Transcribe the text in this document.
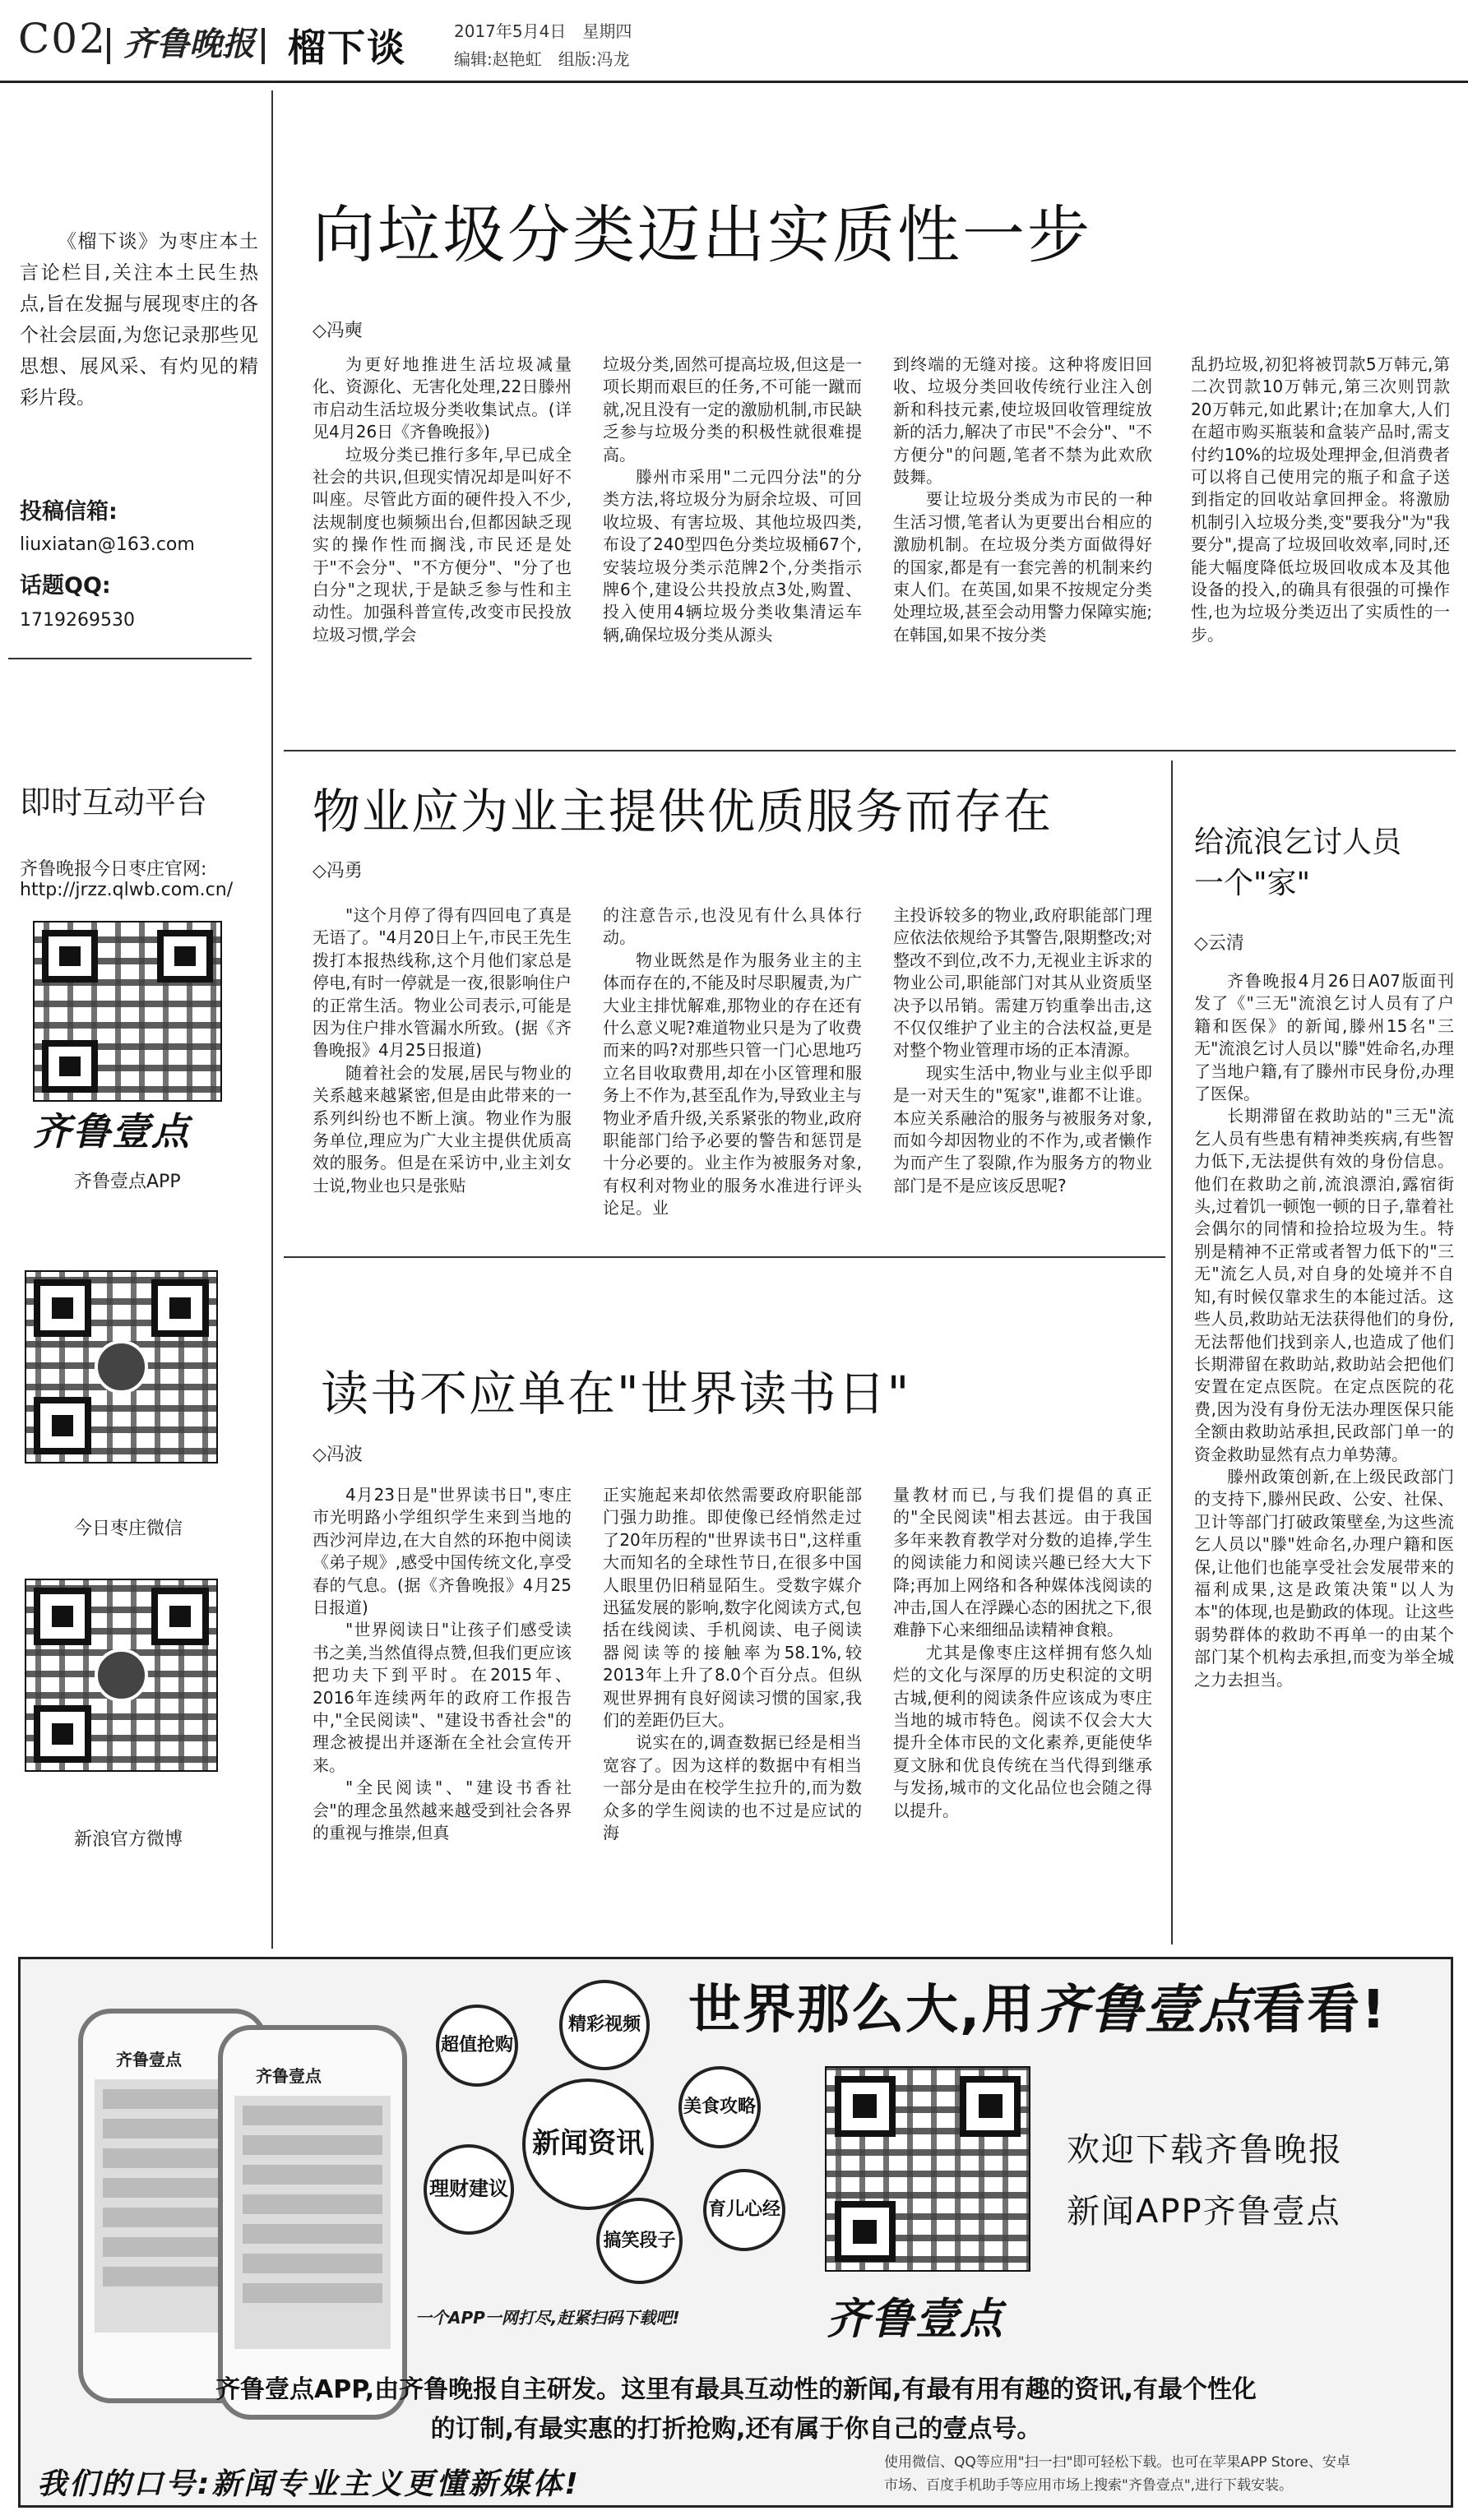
C02 齐鲁晚报 榴下谈	2017年5月4日　星期四
编辑:赵艳虹　组版:冯龙
《榴下谈》为枣庄本土言论栏目,关注本土民生热点,旨在发掘与展现枣庄的各个社会层面,为您记录那些见思想、展风采、有灼见的精彩片段。
投稿信箱:
liuxiatan@163.com
话题QQ:
1719269530
即时互动平台
齐鲁晚报今日枣庄官网:
http://jrzz.qlwb.com.cn/
齐鲁壹点
齐鲁壹点APP
今日枣庄微信
新浪官方微博
向垃圾分类迈出实质性一步
◇冯奭

为更好地推进生活垃圾减量化、资源化、无害化处理,22日滕州市启动生活垃圾分类收集试点。(详见4月26日《齐鲁晚报》)

垃圾分类已推行多年,早已成全社会的共识,但现实情况却是叫好不叫座。尽管此方面的硬件投入不少,法规制度也频频出台,但都因缺乏现实的操作性而搁浅,市民还是处于"不会分"、"不方便分"、"分了也白分"之现状,于是缺乏参与性和主动性。加强科普宣传,改变市民投放垃圾习惯,学会

垃圾分类,固然可提高垃圾,但这是一项长期而艰巨的任务,不可能一蹴而就,况且没有一定的激励机制,市民缺乏参与垃圾分类的积极性就很难提高。

滕州市采用"二元四分法"的分类方法,将垃圾分为厨余垃圾、可回收垃圾、有害垃圾、其他垃圾四类,布设了240型四色分类垃圾桶67个,安装垃圾分类示范牌2个,分类指示牌6个,建设公共投放点3处,购置、投入使用4辆垃圾分类收集清运车辆,确保垃圾分类从源头

到终端的无缝对接。这种将废旧回收、垃圾分类回收传统行业注入创新和科技元素,使垃圾回收管理绽放新的活力,解决了市民"不会分"、"不方便分"的问题,笔者不禁为此欢欣鼓舞。

要让垃圾分类成为市民的一种生活习惯,笔者认为更要出台相应的激励机制。在垃圾分类方面做得好的国家,都是有一套完善的机制来约束人们。在英国,如果不按规定分类处理垃圾,甚至会动用警力保障实施;在韩国,如果不按分类

乱扔垃圾,初犯将被罚款5万韩元,第二次罚款10万韩元,第三次则罚款20万韩元,如此累计;在加拿大,人们在超市购买瓶装和盒装产品时,需支付约10%的垃圾处理押金,但消费者可以将自己使用完的瓶子和盒子送到指定的回收站拿回押金。将激励机制引入垃圾分类,变"要我分"为"我要分",提高了垃圾回收效率,同时,还能大幅度降低垃圾回收成本及其他设备的投入,的确具有很强的可操作性,也为垃圾分类迈出了实质性的一步。

物业应为业主提供优质服务而存在
◇冯勇

"这个月停了得有四回电了真是无语了。"4月20日上午,市民王先生拨打本报热线称,这个月他们家总是停电,有时一停就是一夜,很影响住户的正常生活。物业公司表示,可能是因为住户排水管漏水所致。(据《齐鲁晚报》4月25日报道)

随着社会的发展,居民与物业的关系越来越紧密,但是由此带来的一系列纠纷也不断上演。物业作为服务单位,理应为广大业主提供优质高效的服务。但是在采访中,业主刘女士说,物业也只是张贴

的注意告示,也没见有什么具体行动。

物业既然是作为服务业主的主体而存在的,不能及时尽职履责,为广大业主排忧解难,那物业的存在还有什么意义呢?难道物业只是为了收费而来的吗?对那些只管一门心思地巧立名目收取费用,却在小区管理和服务上不作为,甚至乱作为,导致业主与物业矛盾升级,关系紧张的物业,政府职能部门给予必要的警告和惩罚是十分必要的。业主作为被服务对象,有权利对物业的服务水准进行评头论足。业

主投诉较多的物业,政府职能部门理应依法依规给予其警告,限期整改;对整改不到位,改不力,无视业主诉求的物业公司,职能部门对其从业资质坚决予以吊销。需建万钧重拳出击,这不仅仅维护了业主的合法权益,更是对整个物业管理市场的正本清源。

现实生活中,物业与业主似乎即是一对天生的"冤家",谁都不让谁。本应关系融洽的服务与被服务对象,而如今却因物业的不作为,或者懒作为而产生了裂隙,作为服务方的物业部门是不是应该反思呢?

读书不应单在"世界读书日"
◇冯波

4月23日是"世界读书日",枣庄市光明路小学组织学生来到当地的西沙河岸边,在大自然的环抱中阅读《弟子规》,感受中国传统文化,享受春的气息。(据《齐鲁晚报》4月25日报道)

"世界阅读日"让孩子们感受读书之美,当然值得点赞,但我们更应该把功夫下到平时。在2015年、2016年连续两年的政府工作报告中,"全民阅读"、"建设书香社会"的理念被提出并逐渐在全社会宣传开来。

"全民阅读"、"建设书香社会"的理念虽然越来越受到社会各界的重视与推崇,但真

正实施起来却依然需要政府职能部门强力助推。即使像已经悄然走过了20年历程的"世界读书日",这样重大而知名的全球性节日,在很多中国人眼里仍旧稍显陌生。受数字媒介迅猛发展的影响,数字化阅读方式,包括在线阅读、手机阅读、电子阅读器阅读等的接触率为58.1%,较2013年上升了8.0个百分点。但纵观世界拥有良好阅读习惯的国家,我们的差距仍巨大。

说实在的,调查数据已经是相当宽容了。因为这样的数据中有相当一部分是由在校学生拉升的,而为数众多的学生阅读的也不过是应试的海

量教材而已,与我们提倡的真正的"全民阅读"相去甚远。由于我国多年来教育教学对分数的追捧,学生的阅读能力和阅读兴趣已经大大下降;再加上网络和各种媒体浅阅读的冲击,国人在浮躁心态的困扰之下,很难静下心来细细品读精神食粮。

尤其是像枣庄这样拥有悠久灿烂的文化与深厚的历史积淀的文明古城,便利的阅读条件应该成为枣庄当地的城市特色。阅读不仅会大大提升全体市民的文化素养,更能使华夏文脉和优良传统在当代得到继承与发扬,城市的文化品位也会随之得以提升。

给流浪乞讨人员
一个"家"
◇云清

齐鲁晚报4月26日A07版面刊发了《"三无"流浪乞讨人员有了户籍和医保》的新闻,滕州15名"三无"流浪乞讨人员以"滕"姓命名,办理了当地户籍,有了滕州市民身份,办理了医保。

长期滞留在救助站的"三无"流乞人员有些患有精神类疾病,有些智力低下,无法提供有效的身份信息。他们在救助之前,流浪漂泊,露宿街头,过着饥一顿饱一顿的日子,靠着社会偶尔的同情和捡拾垃圾为生。特别是精神不正常或者智力低下的"三无"流乞人员,对自身的处境并不自知,有时候仅靠求生的本能过活。这些人员,救助站无法获得他们的身份,无法帮他们找到亲人,也造成了他们长期滞留在救助站,救助站会把他们安置在定点医院。在定点医院的花费,因为没有身份无法办理医保只能全额由救助站承担,民政部门单一的资金救助显然有点力单势薄。

滕州政策创新,在上级民政部门的支持下,滕州民政、公安、社保、卫计等部门打破政策壁垒,为这些流乞人员以"滕"姓命名,办理户籍和医保,让他们也能享受社会发展带来的福利成果,这是政策决策"以人为本"的体现,也是勤政的体现。让这些弱势群体的救助不再单一的由某个部门某个机构去承担,而变为举全城之力去担当。

齐鲁壹点
齐鲁壹点
超值抢购
精彩视频
美食攻略
新闻资讯
理财建议
搞笑段子
育儿心经
一个APP一网打尽,赶紧扫码下载吧!
世界那么大,用齐鲁壹点看看!
齐鲁壹点
欢迎下载齐鲁晚报
新闻APP齐鲁壹点
齐鲁壹点APP,由齐鲁晚报自主研发。这里有最具互动性的新闻,有最有用有趣的资讯,有最个性化
的订制,有最实惠的打折抢购,还有属于你自己的壹点号。
我们的口号:新闻专业主义更懂新媒体!
使用微信、QQ等应用"扫一扫"即可轻松下载。也可在苹果APP Store、安卓
市场、百度手机助手等应用市场上搜索"齐鲁壹点",进行下载安装。
